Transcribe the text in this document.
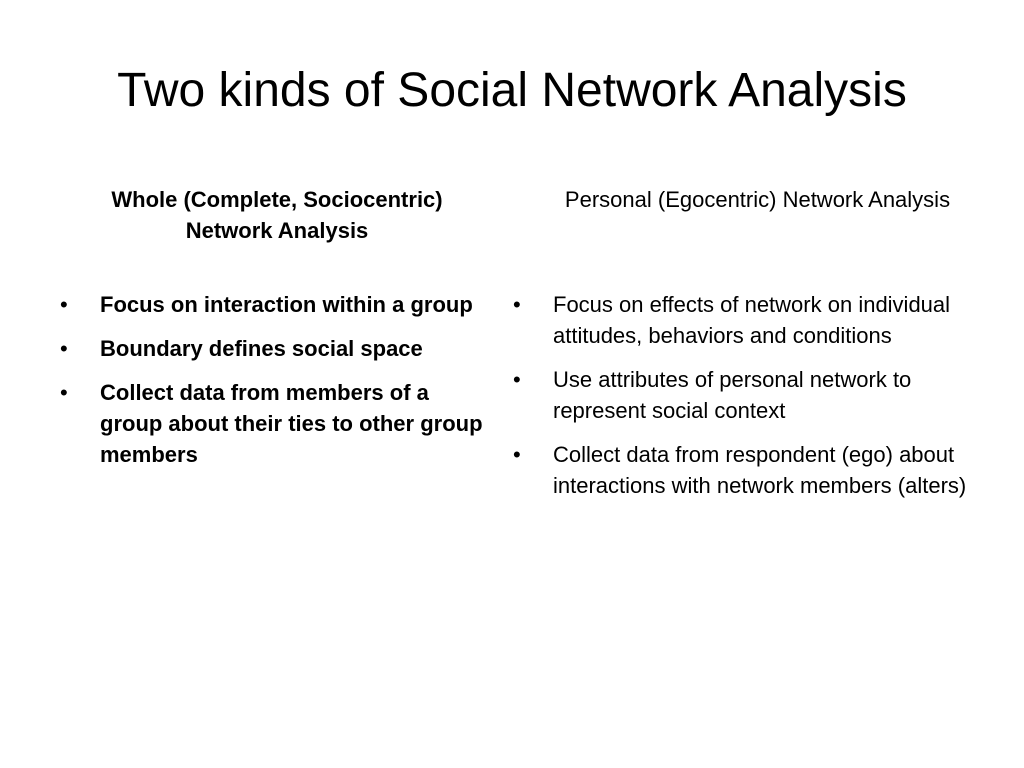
Two kinds of Social Network Analysis
Whole (Complete, Sociocentric) Network Analysis
Personal (Egocentric) Network Analysis
•	Focus on interaction within a group
•	Boundary defines social space
•	Collect data from members of a group about their ties to other group members
•	Focus on effects of network on individual attitudes, behaviors and conditions
•	Use attributes of personal network to represent social context
•	Collect data from respondent (ego) about interactions with network members (alters)
